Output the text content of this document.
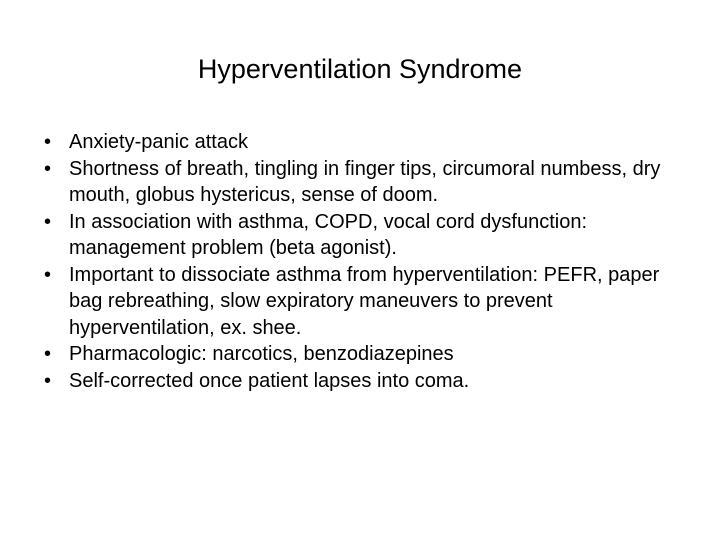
Hyperventilation Syndrome
• Anxiety-panic attack
• Shortness of breath, tingling in finger tips, circumoral numbess, dry mouth, globus hystericus, sense of doom.
• In association with asthma, COPD, vocal cord dysfunction: management problem (beta agonist).
• Important to dissociate asthma from hyperventilation: PEFR, paper bag rebreathing, slow expiratory maneuvers to prevent hyperventilation, ex. shee.
• Pharmacologic: narcotics, benzodiazepines
• Self-corrected once patient lapses into coma.
